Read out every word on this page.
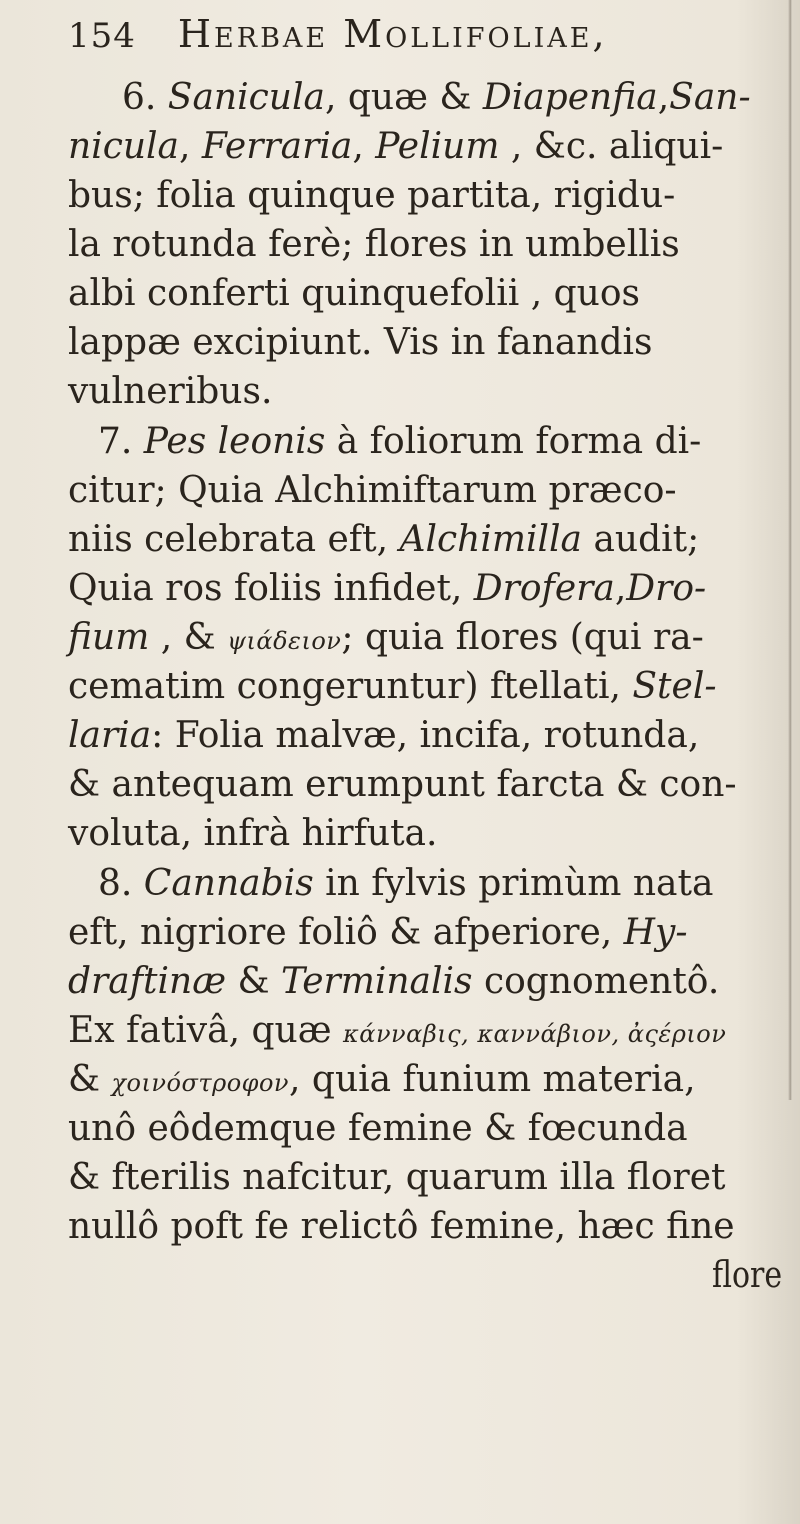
154 Herbae Mollifoliae,
6. Sanicula, quæ & Diapenfia,San-
nicula, Ferraria, Pelium , &c. aliqui-
bus; folia quinque partita, rigidu-
la rotunda ferè; flores in umbellis
albi conferti quinquefolii , quos
lappæ excipiunt. Vis in fanandis
vulneribus.
7. Pes leonis à foliorum forma di-
citur; Quia Alchimiftarum præco-
niis celebrata eft, Alchimilla audit;
Quia ros foliis infidet, Drofera,Dro-
fium , & ψιάδειον; quia flores (qui ra-
cematim congeruntur) ftellati, Stel-
laria: Folia malvæ, incifa, rotunda,
& antequam erumpunt farcta & con-
voluta, infrà hirfuta.
8. Cannabis in fylvis primùm nata
eft, nigriore foliô & afperiore, Hy-
draftinæ & Terminalis cognomentô.
Ex fativâ, quæ κάνναβις, καννάβιον, ἀςέριον
& χοινόστροφον, quia funium materia,
unô eôdemque femine & fœcunda
& fterilis nafcitur, quarum illa floret
nullô poft fe relictô femine, hæc fine
flore
